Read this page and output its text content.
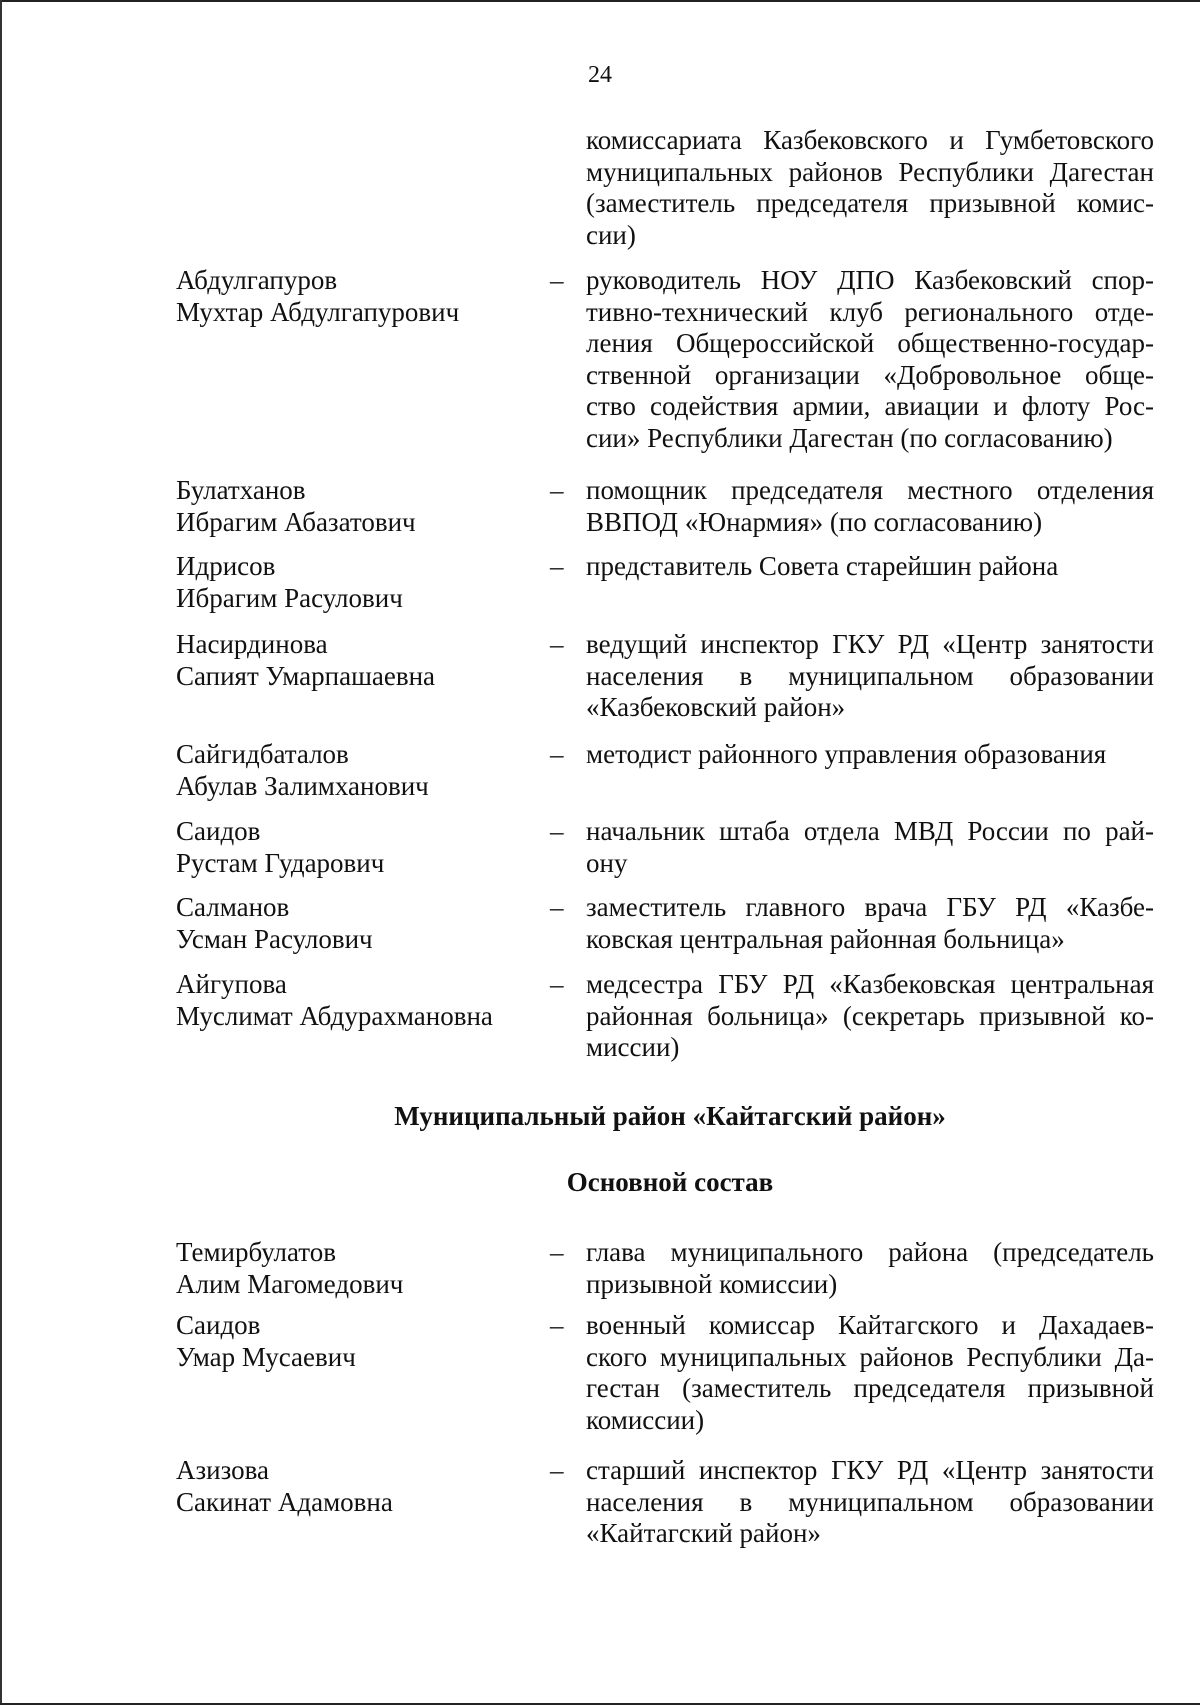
24
комиссариата Казбековского и Гумбетовского
муниципальных районов Республики Дагестан
(заместитель председателя призывной комис-
сии)
Абдулгапуров
Мухтар Абдулгапурович
– руководитель НОУ ДПО Казбековский спор-
тивно-технический клуб регионального отде-
ления Общероссийской общественно-государ-
ственной организации «Добровольное обще-
ство содействия армии, авиации и флоту Рос-
сии» Республики Дагестан (по согласованию)
Булатханов
Ибрагим Абазатович
– помощник председателя местного отделения
ВВПОД «Юнармия» (по согласованию)
Идрисов
Ибрагим Расулович
– представитель Совета старейшин района
Насирдинова
Сапият Умарпашаевна
– ведущий инспектор ГКУ РД «Центр занятости
населения в муниципальном образовании
«Казбековский район»
Сайгидбаталов
Абулав Залимханович
– методист районного управления образования
Саидов
Рустам Гударович
– начальник штаба отдела МВД России по рай-
ону
Салманов
Усман Расулович
– заместитель главного врача ГБУ РД «Казбе-
ковская центральная районная больница»
Айгупова
Муслимат Абдурахмановна
– медсестра ГБУ РД «Казбековская центральная
районная больница» (секретарь призывной ко-
миссии)
Темирбулатов
Алим Магомедович
– глава муниципального района (председатель
призывной комиссии)
Саидов
Умар Мусаевич
– военный комиссар Кайтагского и Дахадаев-
ского муниципальных районов Республики Да-
гестан (заместитель председателя призывной
комиссии)
Азизова
Сакинат Адамовна
– старший инспектор ГКУ РД «Центр занятости
населения в муниципальном образовании
«Кайтагский район»
Муниципальный район «Кайтагский район»
Основной состав
